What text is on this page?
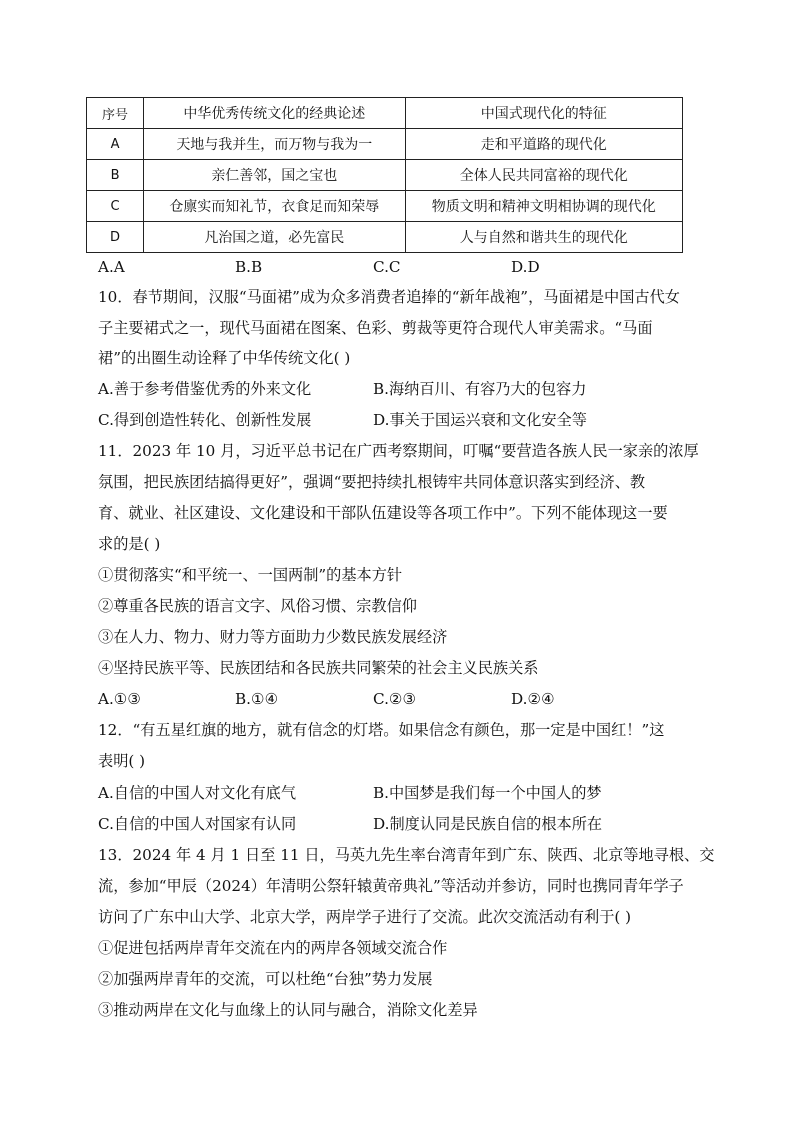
序号	中华优秀传统文化的经典论述	中国式现代化的特征
A	天地与我并生，而万物与我为一	走和平道路的现代化
B	亲仁善邻，国之宝也	全体人民共同富裕的现代化
C	仓廪实而知礼节，衣食足而知荣辱	物质文明和精神文明相协调的现代化
D	凡治国之道，必先富民	人与自然和谐共生的现代化
A.A	B.B	C.C	D.D
10．春节期间，汉服“马面裙”成为众多消费者追捧的“新年战袍”，马面裙是中国古代女
子主要裙式之一，现代马面裙在图案、色彩、剪裁等更符合现代人审美需求。“马面
裙”的出圈生动诠释了中华传统文化( )
A.善于参考借鉴优秀的外来文化	B.海纳百川、有容乃大的包容力
C.得到创造性转化、创新性发展	D.事关于国运兴衰和文化安全等
11．2023 年 10 月，习近平总书记在广西考察期间，叮嘱“要营造各族人民一家亲的浓厚
氛围，把民族团结搞得更好”，强调“要把持续扎根铸牢共同体意识落实到经济、教
育、就业、社区建设、文化建设和干部队伍建设等各项工作中”。下列不能体现这一要
求的是( )
①贯彻落实“和平统一、一国两制”的基本方针
②尊重各民族的语言文字、风俗习惯、宗教信仰
③在人力、物力、财力等方面助力少数民族发展经济
④坚持民族平等、民族团结和各民族共同繁荣的社会主义民族关系
A.①③	B.①④	C.②③	D.②④
12．“有五星红旗的地方，就有信念的灯塔。如果信念有颜色，那一定是中国红！”这
表明( )
A.自信的中国人对文化有底气	B.中国梦是我们每一个中国人的梦
C.自信的中国人对国家有认同	D.制度认同是民族自信的根本所在
13．2024 年 4 月 1 日至 11 日，马英九先生率台湾青年到广东、陕西、北京等地寻根、交
流，参加“甲辰（2024）年清明公祭轩辕黄帝典礼”等活动并参访，同时也携同青年学子
访问了广东中山大学、北京大学，两岸学子进行了交流。此次交流活动有利于( )
①促进包括两岸青年交流在内的两岸各领域交流合作
②加强两岸青年的交流，可以杜绝“台独”势力发展
③推动两岸在文化与血缘上的认同与融合，消除文化差异
